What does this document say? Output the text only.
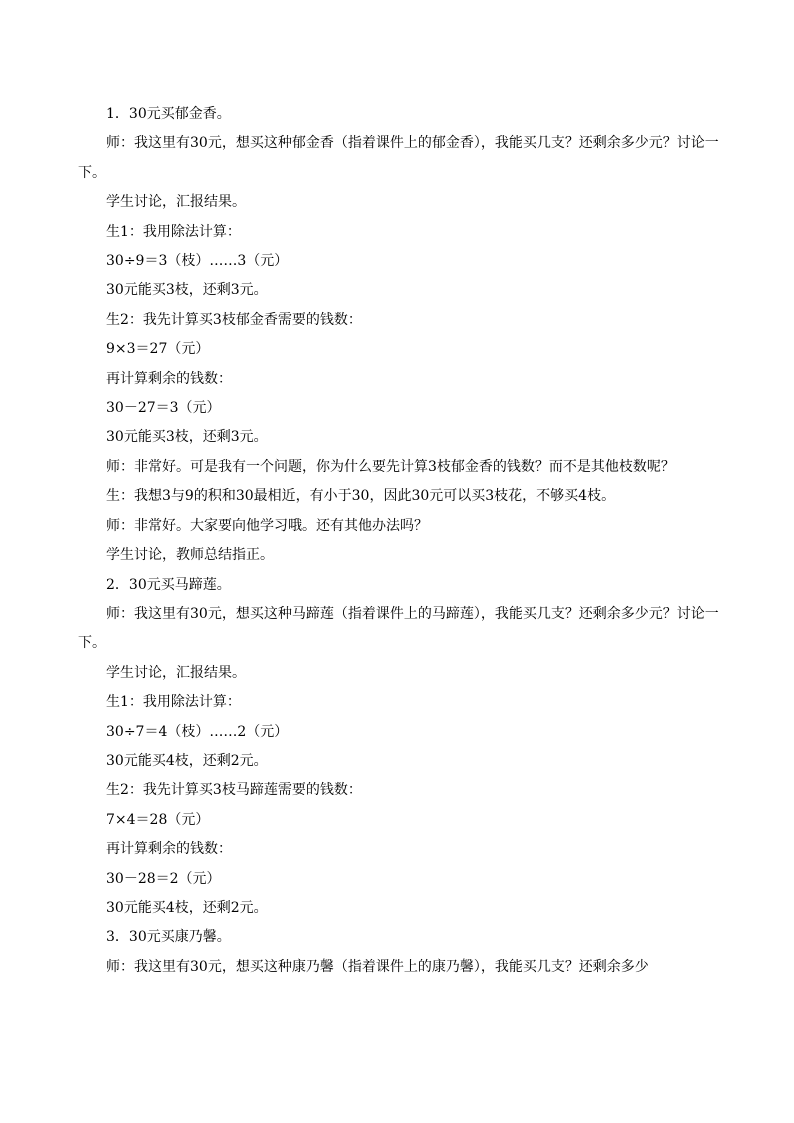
1．30元买郁金香。

师：我这里有30元，想买这种郁金香（指着课件上的郁金香），我能买几支？还剩余多少元？讨论一下。

学生讨论，汇报结果。

生1：我用除法计算：

30÷9＝3（枝）……3（元）

30元能买3枝，还剩3元。

生2：我先计算买3枝郁金香需要的钱数：

9×3＝27（元）

再计算剩余的钱数：

30－27＝3（元）

30元能买3枝，还剩3元。

师：非常好。可是我有一个问题，你为什么要先计算3枝郁金香的钱数？而不是其他枝数呢？

生：我想3与9的积和30最相近，有小于30，因此30元可以买3枝花，不够买4枝。

师：非常好。大家要向他学习哦。还有其他办法吗？

学生讨论，教师总结指正。

2．30元买马蹄莲。

师：我这里有30元，想买这种马蹄莲（指着课件上的马蹄莲），我能买几支？还剩余多少元？讨论一下。

学生讨论，汇报结果。

生1：我用除法计算：

30÷7＝4（枝）……2（元）

30元能买4枝，还剩2元。

生2：我先计算买3枝马蹄莲需要的钱数：

7×4＝28（元）

再计算剩余的钱数：

30－28＝2（元）

30元能买4枝，还剩2元。

3．30元买康乃馨。

师：我这里有30元，想买这种康乃馨（指着课件上的康乃馨），我能买几支？还剩余多少
